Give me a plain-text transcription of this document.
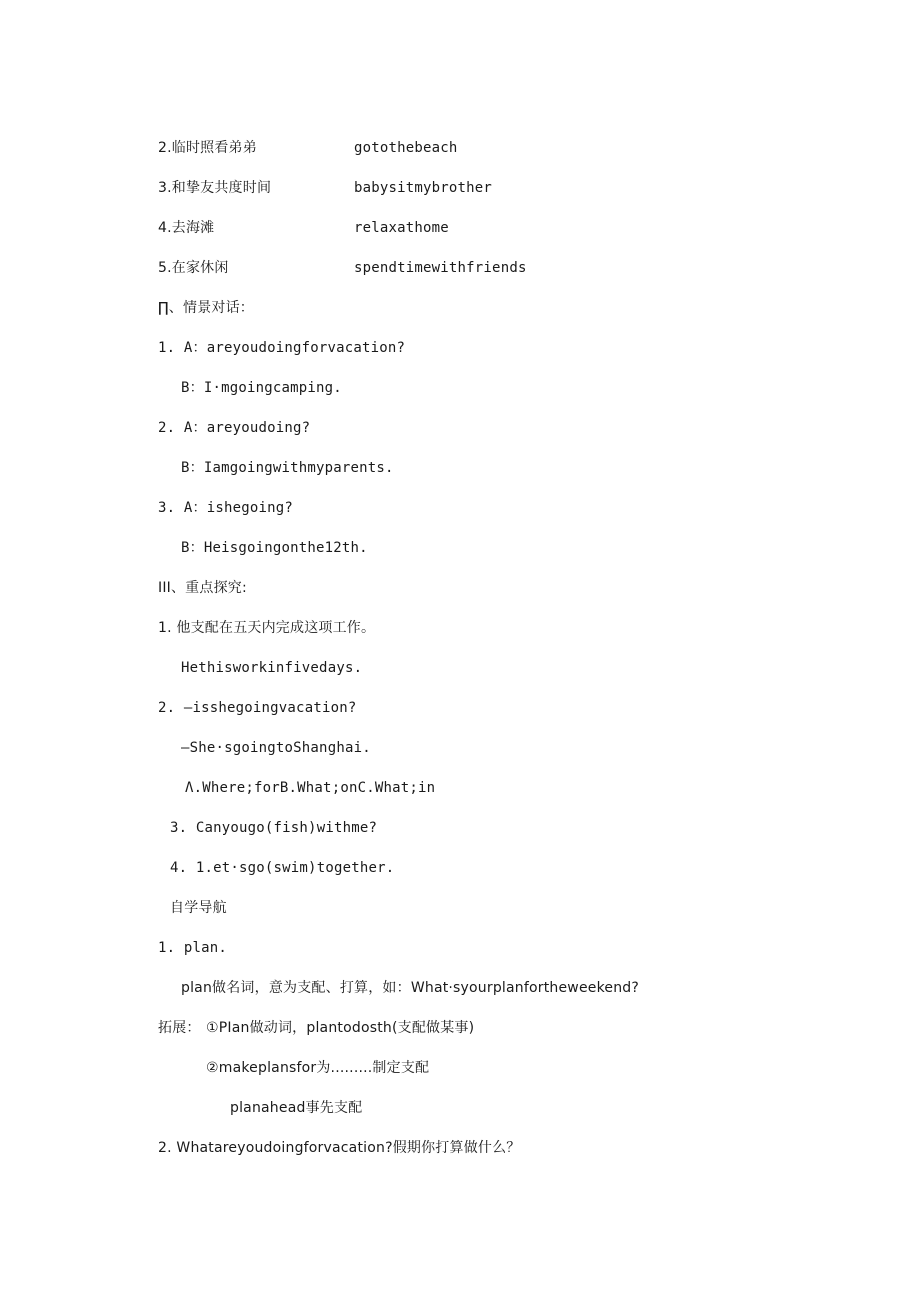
2.临时照看弟弟	gotothebeach
3.和挚友共度时间	babysitmybrother
4.去海滩	relaxathome
5.在家休闲	spendtimewithfriends
∏、情景对话：
1. A：areyoudoingforvacation?
B：I·mgoingcamping.
2. A：areyoudoing?
B：Iamgoingwithmyparents.
3. A：ishegoing?
B：Heisgoingonthe12th.
III、重点探究:
1. 他支配在五天内完成这项工作。
Hethisworkinfivedays.
2. —isshegoingvacation?
—She·sgoingtoShanghai.
Λ.Where;forB.What;onC.What;in
3. Canyougo(fish)withme?
4. 1.et·sgo(swim)together.
自学导航
1. plan.
plan做名词，意为支配、打算，如：What·syourplanfortheweekend?
拓展： ①PIan做动词，plantodosth(支配做某事)
②makeplansfor为.........制定支配
planahead事先支配
2. Whatareyoudoingforvacation?假期你打算做什么？
